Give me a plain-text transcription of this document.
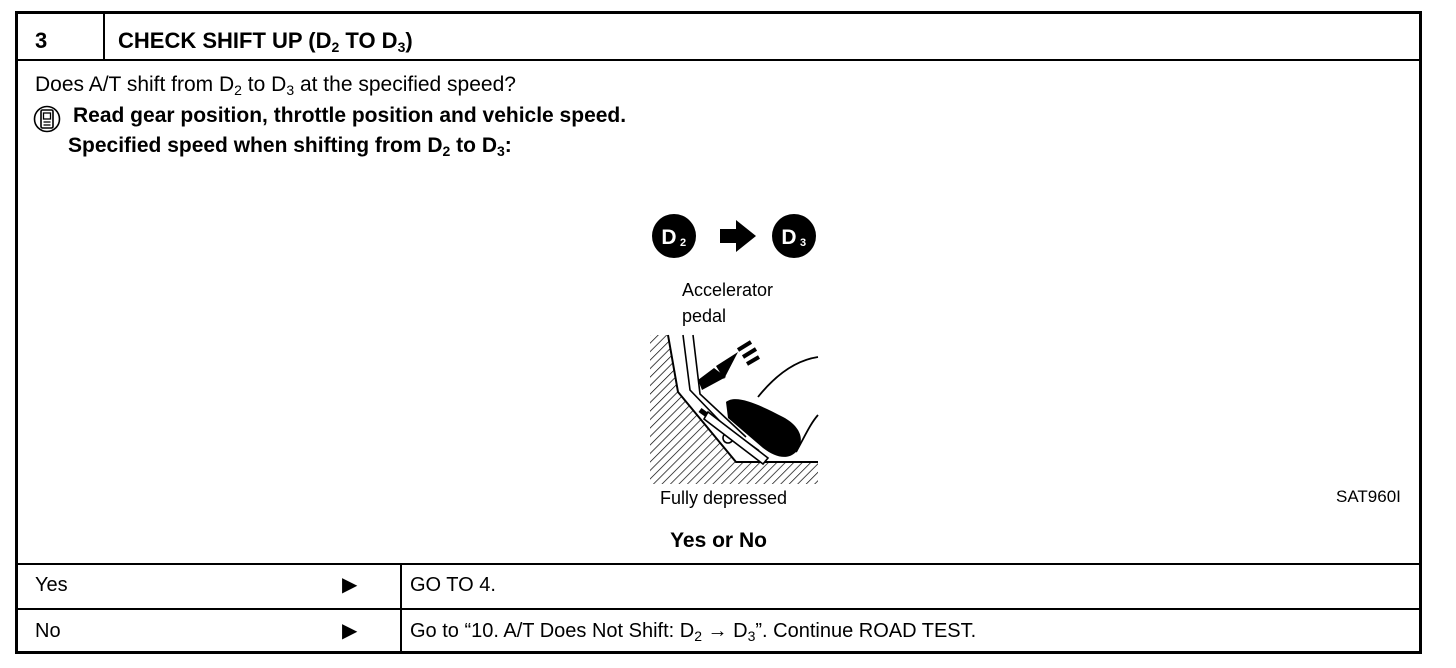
3	CHECK SHIFT UP ($D_2$ TO $D_3$)
Does A/T shift from $D_2$ to $D_3$ at the specified speed?
Read gear position, throttle position and vehicle speed.
Specified speed when shifting from $D_2$ to $D_3$:
D 2	D 3
Accelerator
pedal
Fully depressed	SAT960I
Yes or No
Yes	▶	GO TO 4.
No	▶	Go to “10. A/T Does Not Shift: $D_2 \to D_3$”. Continue ROAD TEST.
